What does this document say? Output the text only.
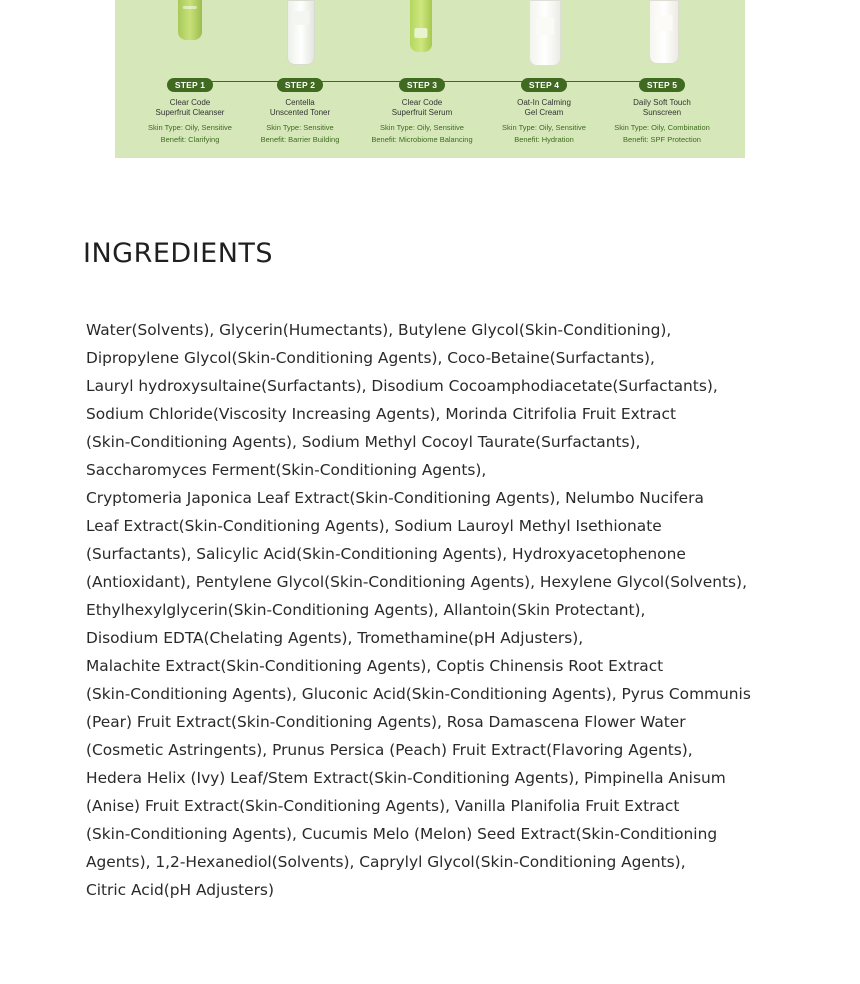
STEP 1
Clear Code
Superfruit Cleanser
Skin Type: Oily, Sensitive
Benefit: Clarifying
STEP 2
Centella
Unscented Toner
Skin Type: Sensitive
Benefit: Barrier Building
STEP 3
Clear Code
Superfruit Serum
Skin Type: Oily, Sensitive
Benefit: Microbiome Balancing
STEP 4
Oat-In Calming
Gel Cream
Skin Type: Oily, Sensitive
Benefit: Hydration
STEP 5
Daily Soft Touch
Sunscreen
Skin Type: Oily, Combination
Benefit: SPF Protection
INGREDIENTS

Water(Solvents), Glycerin(Humectants), Butylene Glycol(Skin-Conditioning),
Dipropylene Glycol(Skin-Conditioning Agents), Coco-Betaine(Surfactants),
Lauryl hydroxysultaine(Surfactants), Disodium Cocoamphodiacetate(Surfactants),
Sodium Chloride(Viscosity Increasing Agents), Morinda Citrifolia Fruit Extract
(Skin-Conditioning Agents), Sodium Methyl Cocoyl Taurate(Surfactants),
Saccharomyces Ferment(Skin-Conditioning Agents),
Cryptomeria Japonica Leaf Extract(Skin-Conditioning Agents), Nelumbo Nucifera
Leaf Extract(Skin-Conditioning Agents), Sodium Lauroyl Methyl Isethionate
(Surfactants), Salicylic Acid(Skin-Conditioning Agents), Hydroxyacetophenone
(Antioxidant), Pentylene Glycol(Skin-Conditioning Agents), Hexylene Glycol(Solvents),
Ethylhexylglycerin(Skin-Conditioning Agents), Allantoin(Skin Protectant),
Disodium EDTA(Chelating Agents), Tromethamine(pH Adjusters),
Malachite Extract(Skin-Conditioning Agents), Coptis Chinensis Root Extract
(Skin-Conditioning Agents), Gluconic Acid(Skin-Conditioning Agents), Pyrus Communis
(Pear) Fruit Extract(Skin-Conditioning Agents), Rosa Damascena Flower Water
(Cosmetic Astringents), Prunus Persica (Peach) Fruit Extract(Flavoring Agents),
Hedera Helix (Ivy) Leaf/Stem Extract(Skin-Conditioning Agents), Pimpinella Anisum
(Anise) Fruit Extract(Skin-Conditioning Agents), Vanilla Planifolia Fruit Extract
(Skin-Conditioning Agents), Cucumis Melo (Melon) Seed Extract(Skin-Conditioning
Agents), 1,2-Hexanediol(Solvents), Caprylyl Glycol(Skin-Conditioning Agents),
Citric Acid(pH Adjusters)
